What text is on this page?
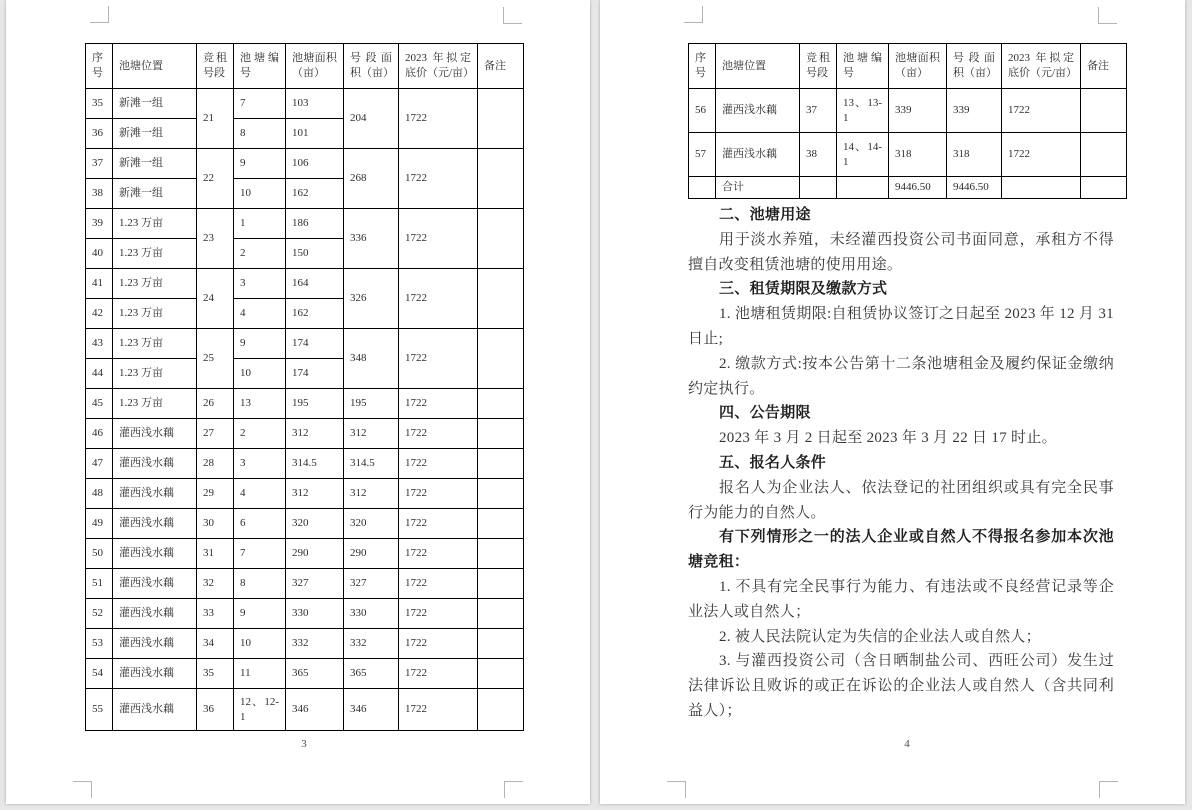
序号	池塘位置	竞租号段	池塘编号	池塘面积（亩）	号段面积（亩）	2023 年拟定底价（元/亩）	备注
35	新滩一组	21	7	103	204	1722	
36	新滩一组		8	101			
37	新滩一组	22	9	106	268	1722	
38	新滩一组		10	162			
39	1.23 万亩	23	1	186	336	1722	
40	1.23 万亩		2	150			
41	1.23 万亩	24	3	164	326	1722	
42	1.23 万亩		4	162			
43	1.23 万亩	25	9	174	348	1722	
44	1.23 万亩		10	174			
45	1.23 万亩	26	13	195	195	1722	
46	灌西浅水藕	27	2	312	312	1722	
47	灌西浅水藕	28	3	314.5	314.5	1722	
48	灌西浅水藕	29	4	312	312	1722	
49	灌西浅水藕	30	6	320	320	1722	
50	灌西浅水藕	31	7	290	290	1722	
51	灌西浅水藕	32	8	327	327	1722	
52	灌西浅水藕	33	9	330	330	1722	
53	灌西浅水藕	34	10	332	332	1722	
54	灌西浅水藕	35	11	365	365	1722	
55	灌西浅水藕	36	12、12-1	346	346	1722	
3
序号	池塘位置	竞租号段	池塘编号	池塘面积（亩）	号段面积（亩）	2023 年拟定底价（元/亩）	备注
56	灌西浅水藕	37	13、13-1	339	339	1722	
57	灌西浅水藕	38	14、14-1	318	318	1722	
	合计			9446.50	9446.50		
二、池塘用途
用于淡水养殖，未经灌西投资公司书面同意，承租方不得擅自改变租赁池塘的使用用途。
三、租赁期限及缴款方式
1. 池塘租赁期限:自租赁协议签订之日起至 2023 年 12 月 31 日止;
2. 缴款方式:按本公告第十二条池塘租金及履约保证金缴纳约定执行。
四、公告期限
2023 年 3 月 2 日起至 2023 年 3 月 22 日 17 时止。
五、报名人条件
报名人为企业法人、依法登记的社团组织或具有完全民事行为能力的自然人。
有下列情形之一的法人企业或自然人不得报名参加本次池塘竞租：
1. 不具有完全民事行为能力、有违法或不良经营记录等企业法人或自然人；
2. 被人民法院认定为失信的企业法人或自然人；
3. 与灌西投资公司（含日晒制盐公司、西旺公司）发生过法律诉讼且败诉的或正在诉讼的企业法人或自然人（含共同利益人）；
4
